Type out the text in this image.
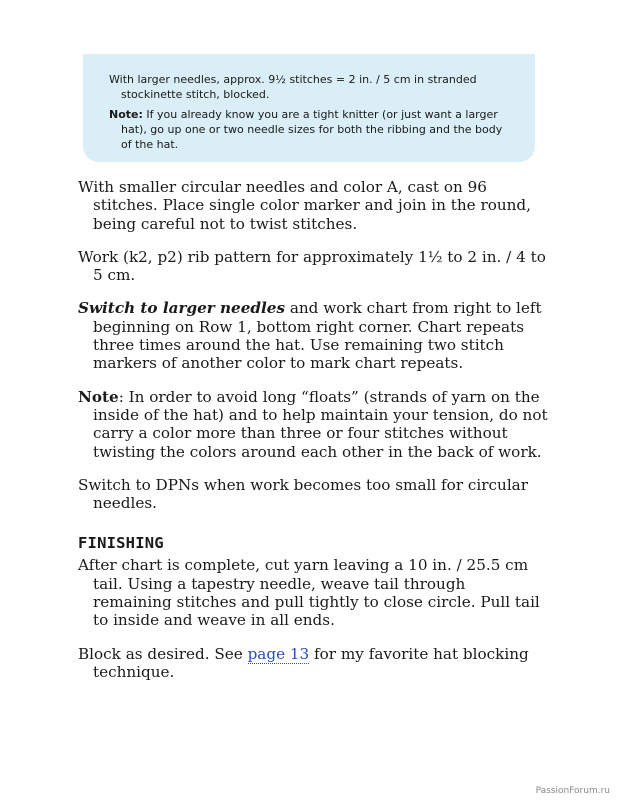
With larger needles, approx. 9½ stitches = 2 in. / 5 cm in stranded stockinette stitch, blocked.

Note: If you already know you are a tight knitter (or just want a larger hat), go up one or two needle sizes for both the ribbing and the body of the hat.

With smaller circular needles and color A, cast on 96 stitches. Place single color marker and join in the round, being careful not to twist stitches.

Work (k2, p2) rib pattern for approximately 1½ to 2 in. / 4 to 5 cm.

Switch to larger needles and work chart from right to left beginning on Row 1, bottom right corner. Chart repeats three times around the hat. Use remaining two stitch markers of another color to mark chart repeats.

Note: In order to avoid long “floats” (strands of yarn on the inside of the hat) and to help maintain your tension, do not carry a color more than three or four stitches without twisting the colors around each other in the back of work.

Switch to DPNs when work becomes too small for circular needles.

FINISHING

After chart is complete, cut yarn leaving a 10 in. / 25.5 cm tail. Using a tapestry needle, weave tail through remaining stitches and pull tightly to close circle. Pull tail to inside and weave in all ends.

Block as desired. See page 13 for my favorite hat blocking technique.

PassionForum.ru
